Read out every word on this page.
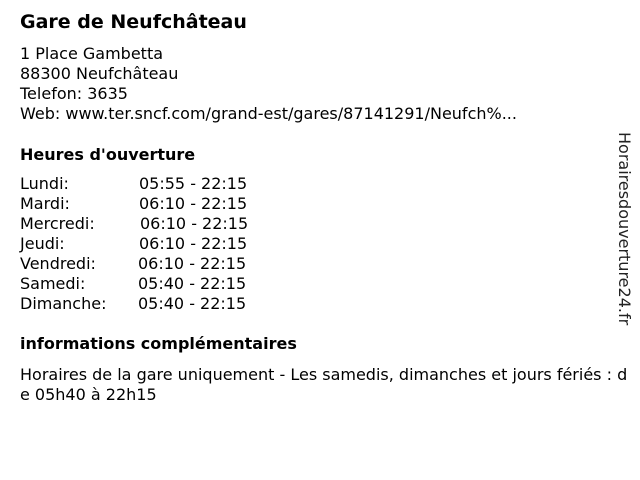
Gare de Neufchâteau
1 Place Gambetta
88300 Neufchâteau
Telefon: 3635
Web: www.ter.sncf.com/grand-est/gares/87141291/Neufch%...
Heures d'ouverture
Lundi:	05:55 - 22:15
Mardi:	06:10 - 22:15
Mercredi:	06:10 - 22:15
Jeudi:	06:10 - 22:15
Vendredi:	06:10 - 22:15
Samedi:	05:40 - 22:15
Dimanche: 05:40 - 22:15
informations complémentaires
Horaires de la gare uniquement - Les samedis, dimanches et jours fériés : de 05h40 à 22h15
Horairesdouverture24.fr
